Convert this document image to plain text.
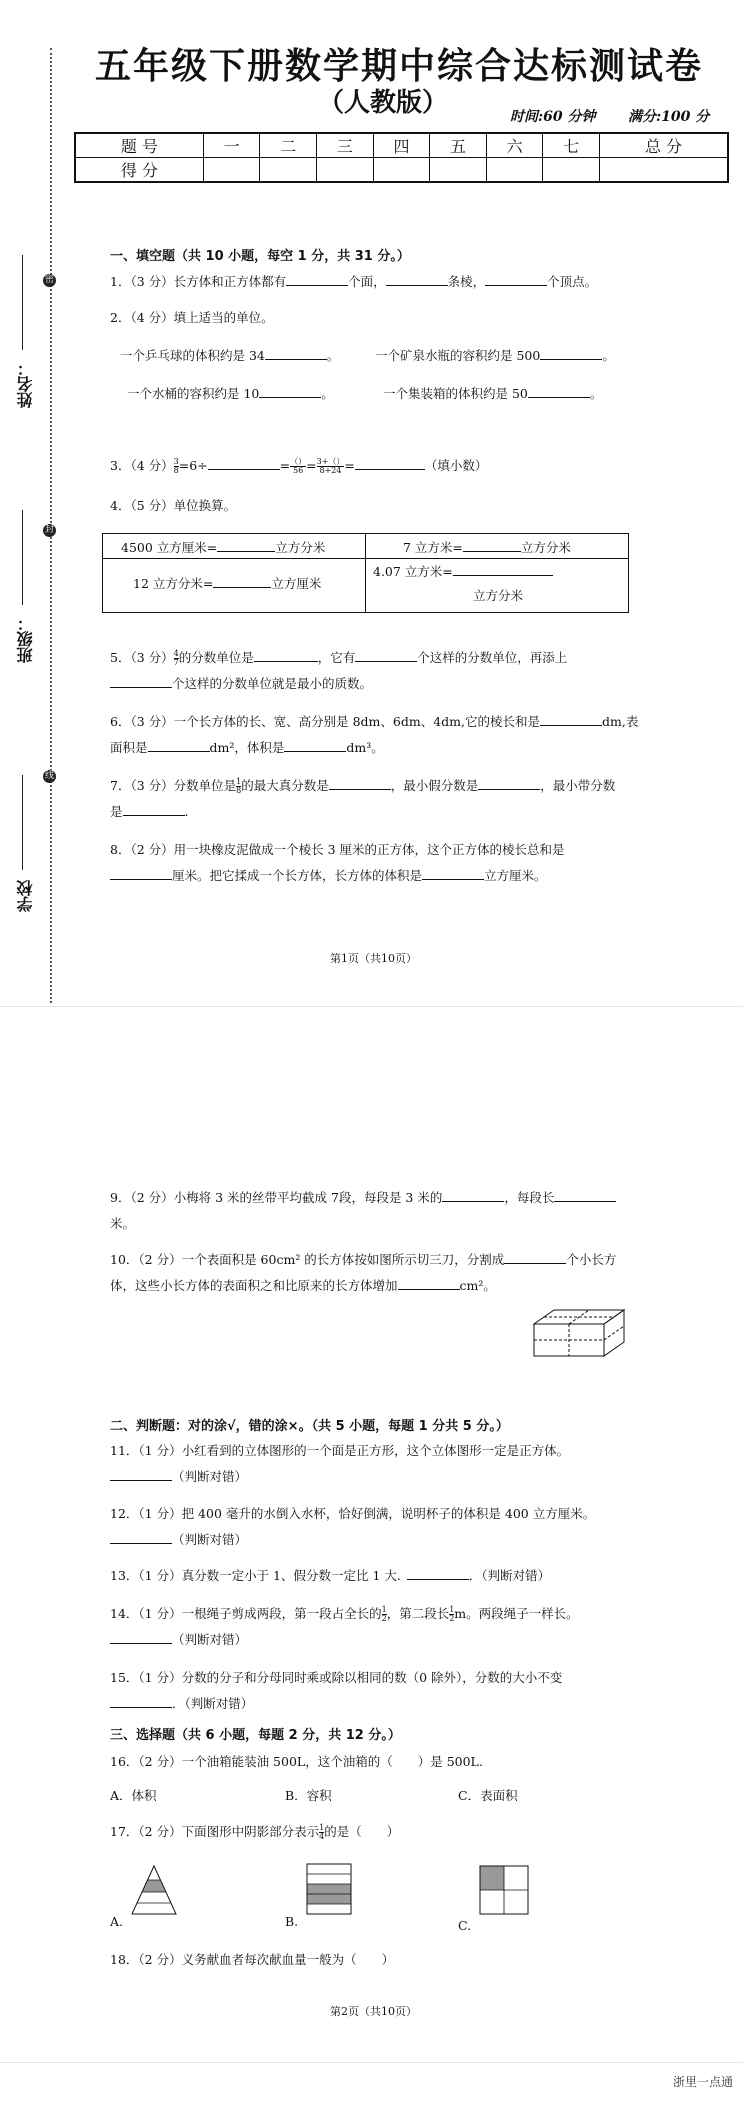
五年级下册数学期中综合达标测试卷
（人教版）	时间:60 分钟 满分:100 分
题 号	一	二	三	四	五	六	七	总 分
得 分								
密
封
线
姓名：
班级：
学校
一、填空题（共 10 小题，每空 1 分，共 31 分。）
1．（3 分）长方体和正方体都有	个面，	条棱，	个顶点。
2．（4 分）填上适当的单位。
一个乒乓球的体积约是 34	。	一个矿泉水瓶的容积约是 500	。
一个水桶的容积约是 10	。	一个集装箱的体积约是 50	。
3．（4 分） $\frac{3}{8} =6\div$	= $\frac{()}{56} = \frac{3+()}{8+24}$ =	（填小数）
4．（5 分）单位换算。
4500 立方厘米=	立方分米	7 立方米=	立方分米
12 立方分米=	立方厘米
4.07 立方米=
立方分米
5．（3 分） $\frac{4}{7}$ 的分数单位是	，它有	个这样的分数单位，再添上
个这样的分数单位就是最小的质数。
6．（3 分）一个长方体的长、宽、高分别是 8dm、6dm、4dm,它的棱长和是	dm,表
面积是	dm²，体积是	dm³。
7．（3 分）分数单位是 $\frac{1}{8}$ 的最大真分数是	，最小假分数是	，最小带分数
是	.
8．（2 分）用一块橡皮泥做成一个棱长 3 厘米的正方体，这个正方体的棱长总和是
厘米。把它揉成一个长方体，长方体的体积是	立方厘米。
第1页（共10页）
9．（2 分）小梅将 3 米的丝带平均截成 7段，每段是 3 米的	，每段长
米。
10．（2 分）一个表面积是 60cm² 的长方体按如图所示切三刀，分割成	个小长方
体，这些小长方体的表面积之和比原来的长方体增加	cm²。
二、判断题：对的涂√，错的涂×。（共 5 小题，每题 1 分共 5 分。）
11．（1 分）小红看到的立体图形的一个面是正方形，这个立体图形一定是正方体。
（判断对错）
12．（1 分）把 400 毫升的水倒入水杯，恰好倒满，说明杯子的体积是 400 立方厘米。
（判断对错）
13．（1 分）真分数一定小于 1、假分数一定比 1 大.	．（判断对错）
14．（1 分）一根绳子剪成两段，第一段占全长的 $\frac{1}{2}$ ，第二段长 $\frac{1}{2}$ m。两段绳子一样长。
（判断对错）
15．（1 分）分数的分子和分母同时乘或除以相同的数（0 除外），分数的大小不变
．（判断对错）
三、选择题（共 6 小题，每题 2 分，共 12 分。）
16．（2 分）一个油箱能装油 500L，这个油箱的（　　）是 500L.
A．体积	B．容积	C．表面积
17．（2 分）下面图形中阴影部分表示 $\frac{1}{4}$ 的是（　　）
A.	B.	C.
18．（2 分）义务献血者每次献血量一般为（　　）
第2页（共10页）
浙里一点通
